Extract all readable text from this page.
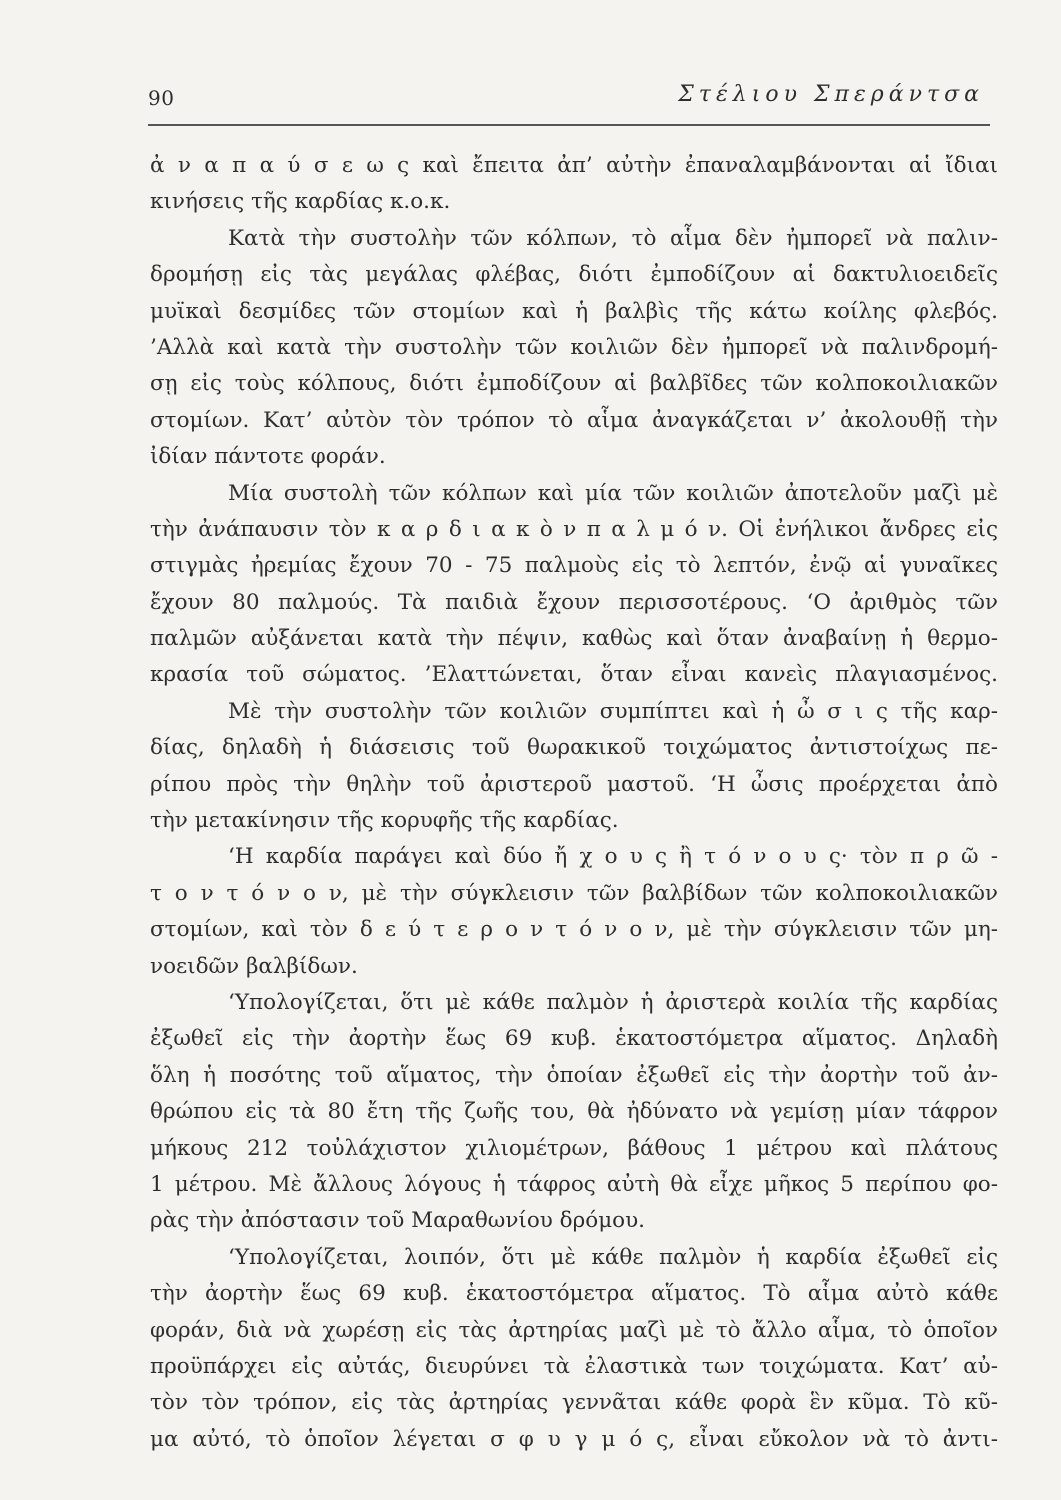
90	Στέλιου Σπεράντσα
ἀ ν α π α ύ σ ε ω ς καὶ ἔπειτα ἀπ’ αὐτὴν ἐπαναλαμβάνονται αἱ ἴδιαι
κινήσεις τῆς καρδίας κ.ο.κ.
Κατὰ τὴν συστολὴν τῶν κόλπων, τὸ αἷμα δὲν ἠμπορεῖ νὰ παλιν-
δρομήσῃ εἰς τὰς μεγάλας φλέβας, διότι ἐμποδίζουν αἱ δακτυλιοειδεῖς
μυϊκαὶ δεσμίδες τῶν στομίων καὶ ἡ βαλβὶς τῆς κάτω κοίλης φλεβός.
’Αλλὰ καὶ κατὰ τὴν συστολὴν τῶν κοιλιῶν δὲν ἠμπορεῖ νὰ παλινδρομή-
σῃ εἰς τοὺς κόλπους, διότι ἐμποδίζουν αἱ βαλβῖδες τῶν κολποκοιλιακῶν
στομίων. Κατ’ αὐτὸν τὸν τρόπον τὸ αἷμα ἀναγκάζεται ν’ ἀκολουθῇ τὴν
ἰδίαν πάντοτε φοράν.
Μία συστολὴ τῶν κόλπων καὶ μία τῶν κοιλιῶν ἀποτελοῦν μαζὶ μὲ
τὴν ἀνάπαυσιν τὸν κ α ρ δ ι α κ ὸ ν π α λ μ ό ν. Οἱ ἐνήλικοι ἄνδρες εἰς
στιγμὰς ἠρεμίας ἔχουν 70 - 75 παλμοὺς εἰς τὸ λεπτόν, ἐνῷ αἱ γυναῖκες
ἔχουν 80 παλμούς. Τὰ παιδιὰ ἔχουν περισσοτέρους. ‘Ο ἀριθμὸς τῶν
παλμῶν αὐξάνεται κατὰ τὴν πέψιν, καθὼς καὶ ὅταν ἀναβαίνῃ ἡ θερμο-
κρασία τοῦ σώματος. ’Ελαττώνεται, ὅταν εἶναι κανεὶς πλαγιασμένος.
Μὲ τὴν συστολὴν τῶν κοιλιῶν συμπίπτει καὶ ἡ ὦ σ ι ς τῆς καρ-
δίας, δηλαδὴ ἡ διάσεισις τοῦ θωρακικοῦ τοιχώματος ἀντιστοίχως πε-
ρίπου πρὸς τὴν θηλὴν τοῦ ἀριστεροῦ μαστοῦ. ‘Η ὦσις προέρχεται ἀπὸ
τὴν μετακίνησιν τῆς κορυφῆς τῆς καρδίας.
‘Η καρδία παράγει καὶ δύο ἤ χ ο υ ς ἢ τ ό ν ο υ ς· τὸν π ρ ῶ -
τ ο ν τ ό ν ο ν, μὲ τὴν σύγκλεισιν τῶν βαλβίδων τῶν κολποκοιλιακῶν
στομίων, καὶ τὸν δ ε ύ τ ε ρ ο ν τ ό ν ο ν, μὲ τὴν σύγκλεισιν τῶν μη-
νοειδῶν βαλβίδων.
‘Υπολογίζεται, ὅτι μὲ κάθε παλμὸν ἡ ἀριστερὰ κοιλία τῆς καρδίας
ἐξωθεῖ εἰς τὴν ἀορτὴν ἕως 69 κυβ. ἑκατοστόμετρα αἵματος. Δηλαδὴ
ὅλη ἡ ποσότης τοῦ αἵματος, τὴν ὁποίαν ἐξωθεῖ εἰς τὴν ἀορτὴν τοῦ ἀν-
θρώπου εἰς τὰ 80 ἔτη τῆς ζωῆς του, θὰ ἠδύνατο νὰ γεμίσῃ μίαν τάφρον
μήκους 212 τοὐλάχιστον χιλιομέτρων, βάθους 1 μέτρου καὶ πλάτους
1 μέτρου. Μὲ ἄλλους λόγους ἡ τάφρος αὐτὴ θὰ εἶχε μῆκος 5 περίπου φο-
ρὰς τὴν ἀπόστασιν τοῦ Μαραθωνίου δρόμου.
‘Υπολογίζεται, λοιπόν, ὅτι μὲ κάθε παλμὸν ἡ καρδία ἐξωθεῖ εἰς
τὴν ἀορτὴν ἕως 69 κυβ. ἑκατοστόμετρα αἵματος. Τὸ αἷμα αὐτὸ κάθε
φοράν, διὰ νὰ χωρέσῃ εἰς τὰς ἀρτηρίας μαζὶ μὲ τὸ ἄλλο αἷμα, τὸ ὁποῖον
προϋπάρχει εἰς αὐτάς, διευρύνει τὰ ἐλαστικὰ των τοιχώματα. Κατ’ αὐ-
τὸν τὸν τρόπον, εἰς τὰς ἀρτηρίας γεννᾶται κάθε φορὰ ἓν κῦμα. Τὸ κῦ-
μα αὐτό, τὸ ὁποῖον λέγεται σ φ υ γ μ ό ς, εἶναι εὔκολον νὰ τὸ ἀντι-
